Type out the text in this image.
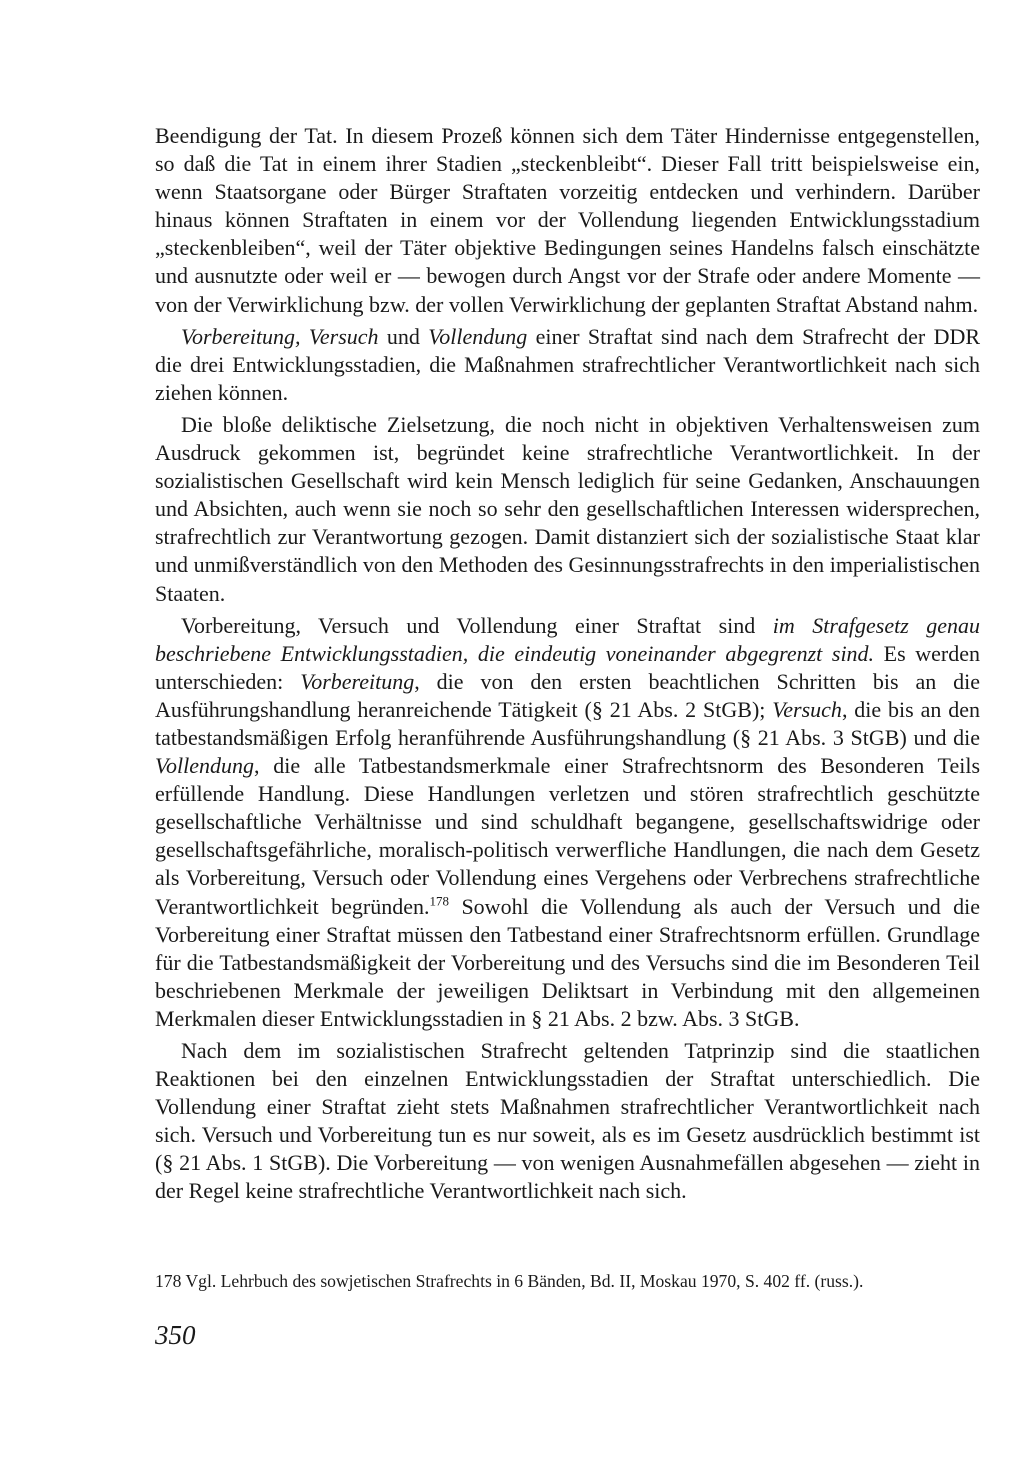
Beendigung der Tat. In diesem Prozeß können sich dem Täter Hindernisse entgegenstellen, so daß die Tat in einem ihrer Stadien „steckenbleibt“. Dieser Fall tritt beispielsweise ein, wenn Staatsorgane oder Bürger Straftaten vorzeitig entdecken und verhindern. Darüber hinaus können Straftaten in einem vor der Vollendung liegenden Entwicklungsstadium „steckenbleiben“, weil der Täter objektive Bedingungen seines Handelns falsch einschätzte und ausnutzte oder weil er — bewogen durch Angst vor der Strafe oder andere Momente — von der Verwirklichung bzw. der vollen Verwirklichung der geplanten Straftat Abstand nahm.

Vorbereitung, Versuch und Vollendung einer Straftat sind nach dem Strafrecht der DDR die drei Entwicklungsstadien, die Maßnahmen strafrechtlicher Verantwortlichkeit nach sich ziehen können.

Die bloße deliktische Zielsetzung, die noch nicht in objektiven Verhaltensweisen zum Ausdruck gekommen ist, begründet keine strafrechtliche Verantwortlichkeit. In der sozialistischen Gesellschaft wird kein Mensch lediglich für seine Gedanken, Anschauungen und Absichten, auch wenn sie noch so sehr den gesellschaftlichen Interessen widersprechen, strafrechtlich zur Verantwortung gezogen. Damit distanziert sich der sozialistische Staat klar und unmißverständlich von den Methoden des Gesinnungsstrafrechts in den imperialistischen Staaten.

Vorbereitung, Versuch und Vollendung einer Straftat sind im Strafgesetz genau beschriebene Entwicklungsstadien, die eindeutig voneinander abgegrenzt sind. Es werden unterschieden: Vorbereitung, die von den ersten beachtlichen Schritten bis an die Ausführungshandlung heranreichende Tätigkeit (§ 21 Abs. 2 StGB); Versuch, die bis an den tatbestandsmäßigen Erfolg heranführende Ausführungshandlung (§ 21 Abs. 3 StGB) und die Vollendung, die alle Tatbestandsmerkmale einer Strafrechtsnorm des Besonderen Teils erfüllende Handlung. Diese Handlungen verletzen und stören strafrechtlich geschützte gesellschaftliche Verhältnisse und sind schuldhaft begangene, gesellschaftswidrige oder gesellschaftsgefährliche, moralisch-politisch verwerfliche Handlungen, die nach dem Gesetz als Vorbereitung, Versuch oder Vollendung eines Vergehens oder Verbrechens strafrechtliche Verantwortlichkeit begründen.$^{178}$ Sowohl die Vollendung als auch der Versuch und die Vorbereitung einer Straftat müssen den Tatbestand einer Strafrechtsnorm erfüllen. Grundlage für die Tatbestandsmäßigkeit der Vorbereitung und des Versuchs sind die im Besonderen Teil beschriebenen Merkmale der jeweiligen Deliktsart in Verbindung mit den allgemeinen Merkmalen dieser Entwicklungsstadien in § 21 Abs. 2 bzw. Abs. 3 StGB.

Nach dem im sozialistischen Strafrecht geltenden Tatprinzip sind die staatlichen Reaktionen bei den einzelnen Entwicklungsstadien der Straftat unterschiedlich. Die Vollendung einer Straftat zieht stets Maßnahmen strafrechtlicher Verantwortlichkeit nach sich. Versuch und Vorbereitung tun es nur soweit, als es im Gesetz ausdrücklich bestimmt ist (§ 21 Abs. 1 StGB). Die Vorbereitung — von wenigen Ausnahmefällen abgesehen — zieht in der Regel keine strafrechtliche Verantwortlichkeit nach sich.

178 Vgl. Lehrbuch des sowjetischen Strafrechts in 6 Bänden, Bd. II, Moskau 1970, S. 402 ff. (russ.).
350
